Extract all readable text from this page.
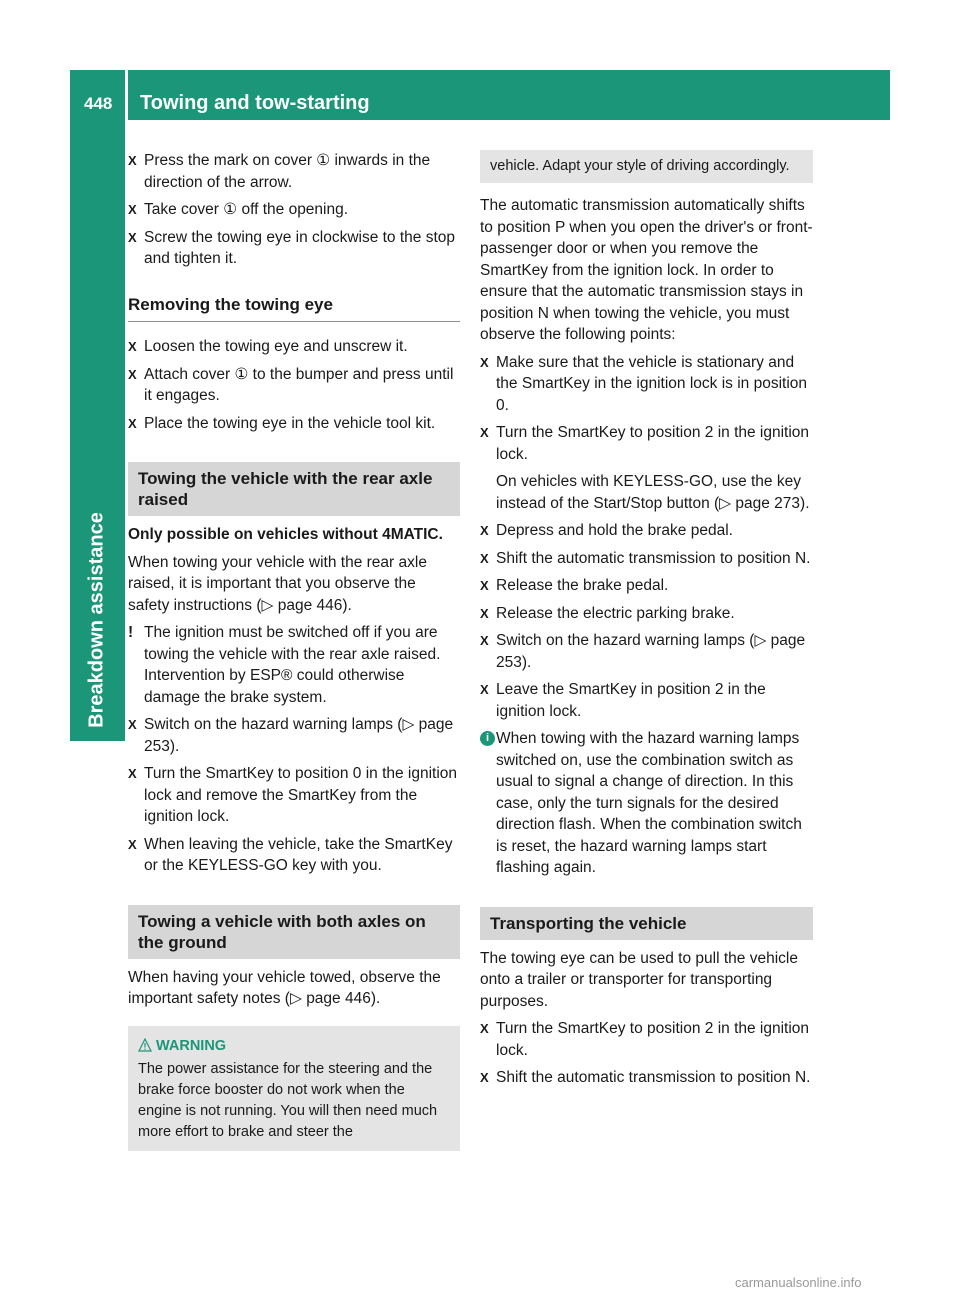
448 Towing and tow-starting
Breakdown assistance
X Press the mark on cover ① inwards in the direction of the arrow.
X Take cover ① off the opening.
X Screw the towing eye in clockwise to the stop and tighten it.
Removing the towing eye
X Loosen the towing eye and unscrew it.
X Attach cover ① to the bumper and press until it engages.
X Place the towing eye in the vehicle tool kit.
Towing the vehicle with the rear axle raised

Only possible on vehicles without 4MATIC.

When towing your vehicle with the rear axle raised, it is important that you observe the safety instructions (▷ page 446).

! The ignition must be switched off if you are towing the vehicle with the rear axle raised. Intervention by ESP® could otherwise damage the brake system.
X Switch on the hazard warning lamps (▷ page 253).
X Turn the SmartKey to position 0 in the ignition lock and remove the SmartKey from the ignition lock.
X When leaving the vehicle, take the SmartKey or the KEYLESS-GO key with you.
Towing a vehicle with both axles on the ground

When having your vehicle towed, observe the important safety notes (▷ page 446).

WARNING
The power assistance for the steering and the brake force booster do not work when the engine is not running. You will then need much more effort to brake and steer the
vehicle. Adapt your style of driving accordingly.

The automatic transmission automatically shifts to position P when you open the driver's or front-passenger door or when you remove the SmartKey from the ignition lock. In order to ensure that the automatic transmission stays in position N when towing the vehicle, you must observe the following points:

X Make sure that the vehicle is stationary and the SmartKey in the ignition lock is in position 0.
X Turn the SmartKey to position 2 in the ignition lock.

On vehicles with KEYLESS-GO, use the key instead of the Start/Stop button (▷ page 273).

X Depress and hold the brake pedal.
X Shift the automatic transmission to position N.
X Release the brake pedal.
X Release the electric parking brake.
X Switch on the hazard warning lamps (▷ page 253).
X Leave the SmartKey in position 2 in the ignition lock.
i When towing with the hazard warning lamps switched on, use the combination switch as usual to signal a change of direction. In this case, only the turn signals for the desired direction flash. When the combination switch is reset, the hazard warning lamps start flashing again.
Transporting the vehicle

The towing eye can be used to pull the vehicle onto a trailer or transporter for transporting purposes.

X Turn the SmartKey to position 2 in the ignition lock.
X Shift the automatic transmission to position N.
carmanualsonline.info
